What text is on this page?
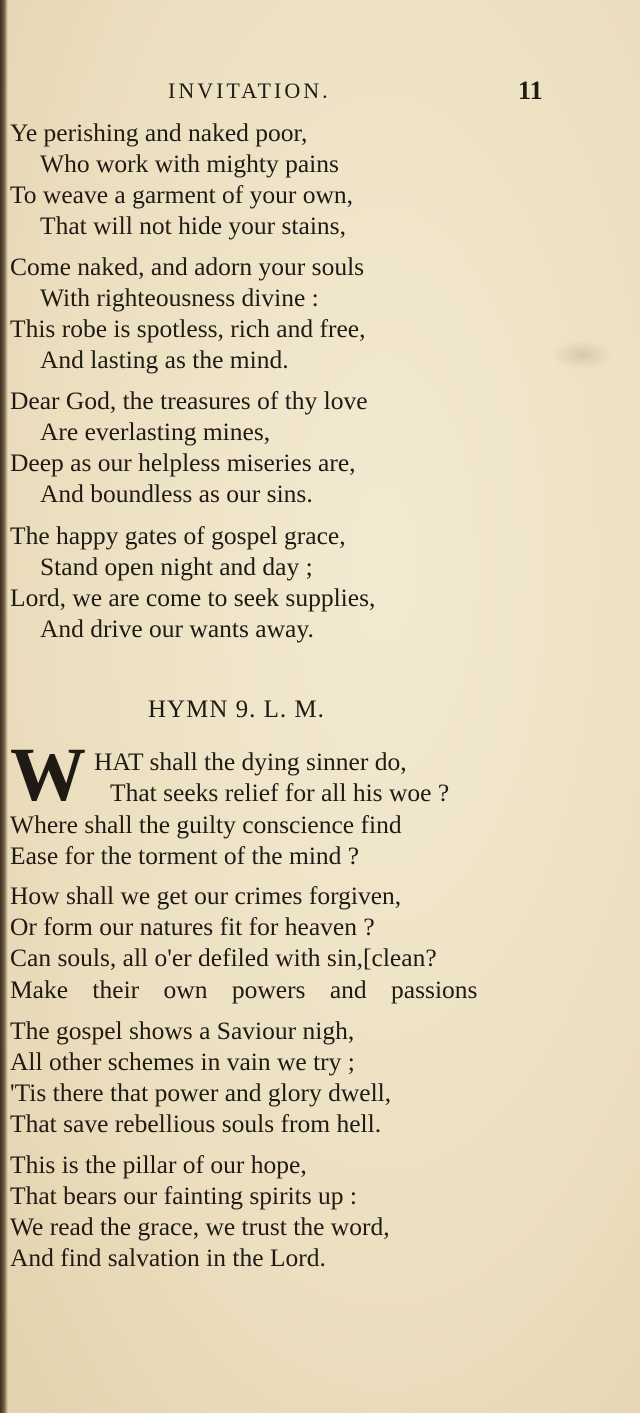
INVITATION.	11
Ye perishing and naked poor,
Who work with mighty pains
To weave a garment of your own,
That will not hide your stains,
Come naked, and adorn your souls
With righteousness divine :
This robe is spotless, rich and free,
And lasting as the mind.
Dear God, the treasures of thy love
Are everlasting mines,
Deep as our helpless miseries are,
And boundless as our sins.
The happy gates of gospel grace,
Stand open night and day ;
Lord, we are come to seek supplies,
And drive our wants away.
HYMN 9. L. M.
W HAT shall the dying sinner do,
That seeks relief for all his woe ?
Where shall the guilty conscience find
Ease for the torment of the mind ?
How shall we get our crimes forgiven,
Or form our natures fit for heaven ?
Can souls, all o'er defiled with sin,[clean?
Make their own powers and passions
The gospel shows a Saviour nigh,
All other schemes in vain we try ;
'Tis there that power and glory dwell,
That save rebellious souls from hell.
This is the pillar of our hope,
That bears our fainting spirits up :
We read the grace, we trust the word,
And find salvation in the Lord.
